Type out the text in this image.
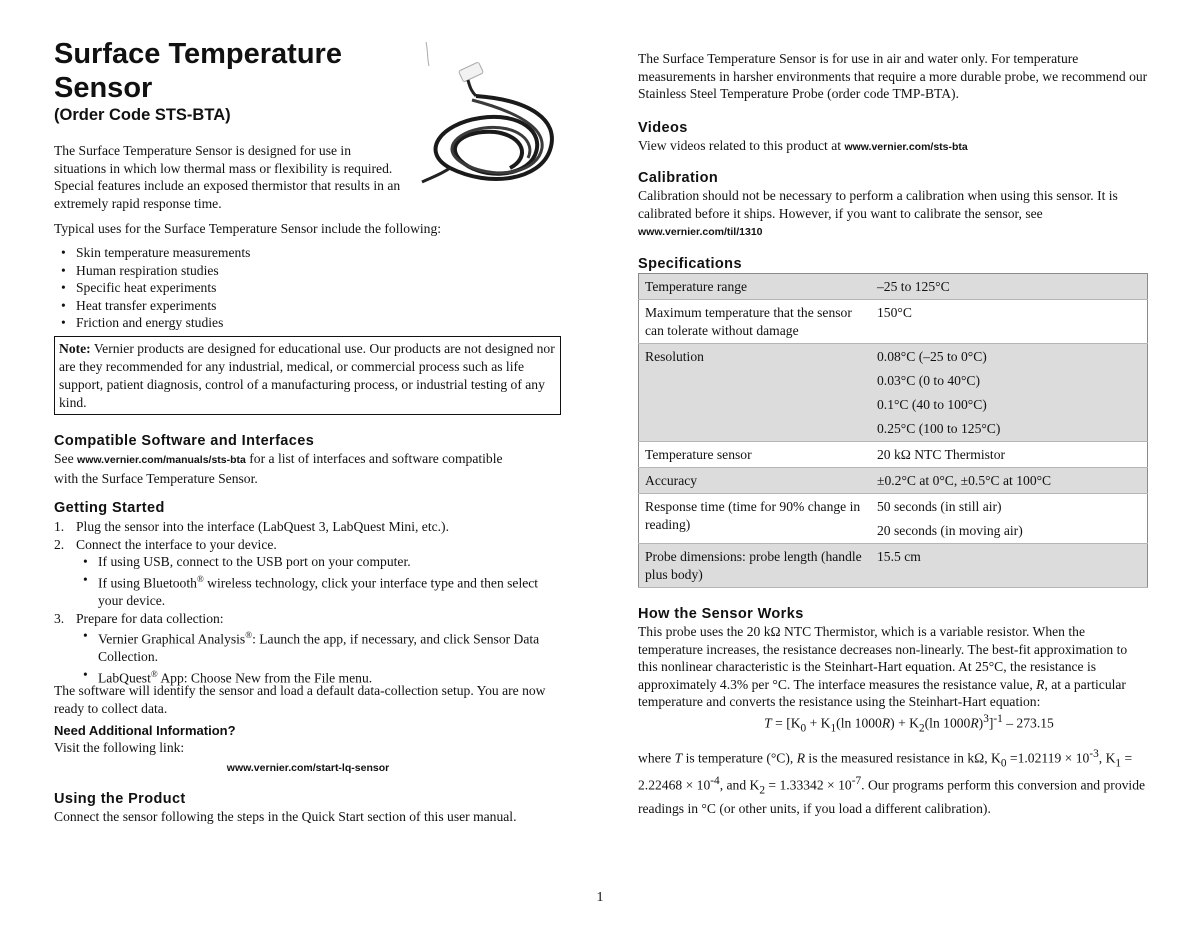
Surface Temperature
Sensor
(Order Code STS-BTA)
The Surface Temperature Sensor is designed for use in situations in which low thermal mass or flexibility is required. Special features include an exposed thermistor that results in an extremely rapid response time.
Typical uses for the Surface Temperature Sensor include the following:
• Skin temperature measurements
• Human respiration studies
• Specific heat experiments
• Heat transfer experiments
• Friction and energy studies
Note: Vernier products are designed for educational use. Our products are not designed nor are they recommended for any industrial, medical, or commercial process such as life support, patient diagnosis, control of a manufacturing process, or industrial testing of any kind.
Compatible Software and Interfaces
See www.vernier.com/manuals/sts-bta for a list of interfaces and software compatible with the Surface Temperature Sensor.
Getting Started
1. Plug the sensor into the interface (LabQuest 3, LabQuest Mini, etc.).
2. Connect the interface to your device.
• If using USB, connect to the USB port on your computer.
• If using Bluetooth® wireless technology, click your interface type and then select your device.
3. Prepare for data collection:
• Vernier Graphical Analysis®: Launch the app, if necessary, and click Sensor Data Collection.
• LabQuest® App: Choose New from the File menu.
The software will identify the sensor and load a default data-collection setup. You are now ready to collect data.
Need Additional Information?
Visit the following link:
www.vernier.com/start-lq-sensor
Using the Product
Connect the sensor following the steps in the Quick Start section of this user manual.
The Surface Temperature Sensor is for use in air and water only. For temperature measurements in harsher environments that require a more durable probe, we recommend our Stainless Steel Temperature Probe (order code TMP-BTA).
Videos
View videos related to this product at www.vernier.com/sts-bta
Calibration
Calibration should not be necessary to perform a calibration when using this sensor. It is calibrated before it ships. However, if you want to calibrate the sensor, see www.vernier.com/til/1310
Specifications
Temperature range	–25 to 125°C

Maximum temperature that the sensor can tolerate without damage	150°C

Resolution	0.08°C (–25 to 0°C)
0.03°C (0 to 40°C)
0.1°C (40 to 100°C)
0.25°C (100 to 125°C)

Temperature sensor	20 kΩ NTC Thermistor

Accuracy	±0.2°C at 0°C, ±0.5°C at 100°C

Response time (time for 90% change in reading)	50 seconds (in still air)
20 seconds (in moving air)

Probe dimensions: probe length (handle plus body)	15.5 cm
How the Sensor Works
This probe uses the 20 kΩ NTC Thermistor, which is a variable resistor. When the temperature increases, the resistance decreases non-linearly. The best-fit approximation to this nonlinear characteristic is the Steinhart-Hart equation. At 25°C, the resistance is approximately 4.3% per °C. The interface measures the resistance value, R, at a particular temperature and converts the resistance using the Steinhart-Hart equation:
$T = [K_0 + K_1(\ln$ $1000R) + K_2(\ln$ 1000R)$^3$]$^{-1}$ – 273.15
where T is temperature (°C), R is the measured resistance in kΩ, $K_0 =1.02119 \times 10^{-3}$, $K_1 = 2.22468 \times 10^{-4}$, and $K_2 = 1.33342 \times 10^{-7}$. Our programs perform this conversion and provide readings in °C (or other units, if you load a different calibration).
1
